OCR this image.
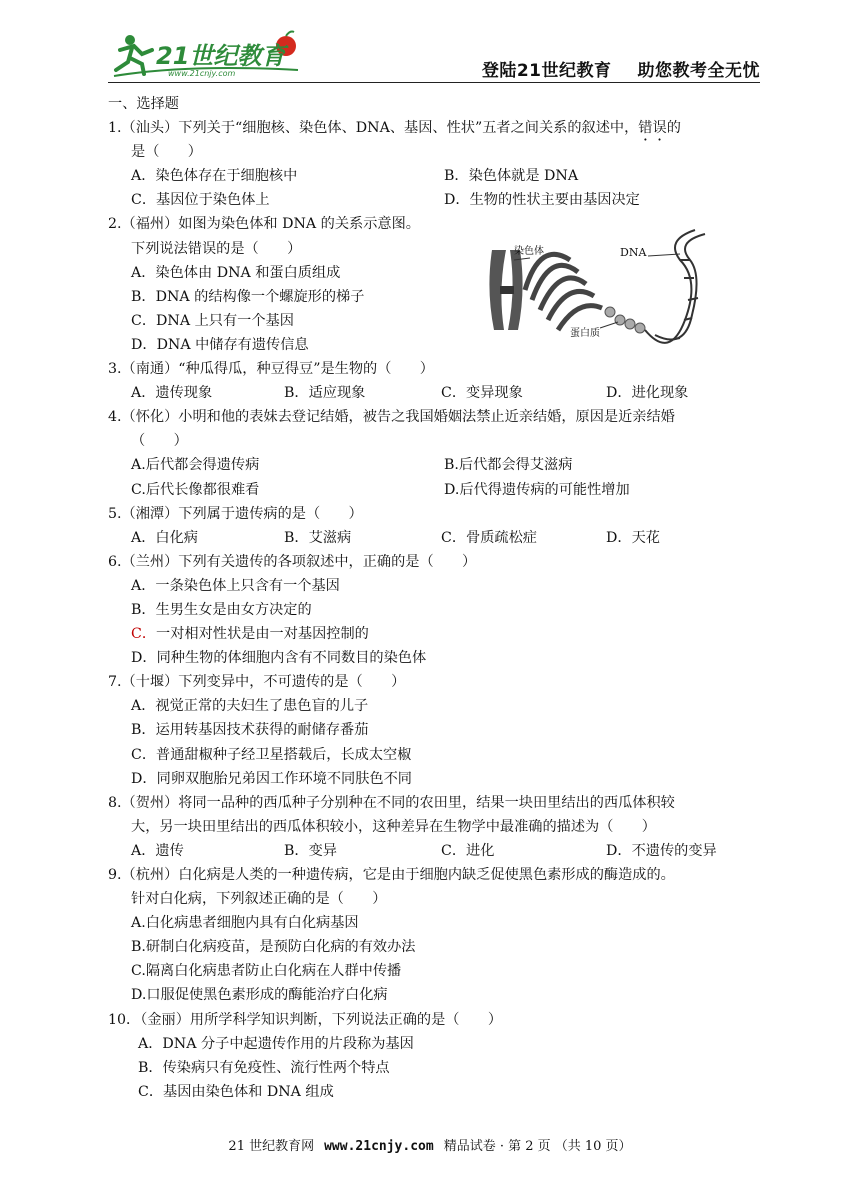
21世纪教育
www.21cnjy.com	登陆21世纪教育 助您教考全无忧
一、选择题
1.（汕头）下列关于“细胞核、染色体、DNA、基因、性状”五者之间关系的叙述中，错误的
是（　　）
A．染色体存在于细胞核中	B．染色体就是 DNA
C．基因位于染色体上	D．生物的性状主要由基因决定
2.（福州）如图为染色体和 DNA 的关系示意图。
下列说法错误的是（　　）
A．染色体由 DNA 和蛋白质组成
B．DNA 的结构像一个螺旋形的梯子
C．DNA 上只有一个基因
D．DNA 中储存有遗传信息
3.（南通）“种瓜得瓜，种豆得豆”是生物的（　　）
A．遗传现象	B．适应现象	C．变异现象	D．进化现象
4.（怀化）小明和他的表妹去登记结婚，被告之我国婚姻法禁止近亲结婚，原因是近亲结婚
（　　）
A.后代都会得遗传病	B.后代都会得艾滋病
C.后代长像都很难看	D.后代得遗传病的可能性增加
5.（湘潭）下列属于遗传病的是（　　）
A．白化病	B．艾滋病	C．骨质疏松症	D．天花
6.（兰州）下列有关遗传的各项叙述中，正确的是（　　）
A．一条染色体上只含有一个基因
B．生男生女是由女方决定的
C．一对相对性状是由一对基因控制的
D．同种生物的体细胞内含有不同数目的染色体
7.（十堰）下列变异中，不可遗传的是（　　）
A．视觉正常的夫妇生了患色盲的儿子
B．运用转基因技术获得的耐储存番茄
C．普通甜椒种子经卫星搭载后，长成太空椒
D．同卵双胞胎兄弟因工作环境不同肤色不同
8.（贺州）将同一品种的西瓜种子分别种在不同的农田里，结果一块田里结出的西瓜体积较
大，另一块田里结出的西瓜体积较小，这种差异在生物学中最准确的描述为（　　）
A．遗传	B．变异	C．进化	D．不遗传的变异
9.（杭州）白化病是人类的一种遗传病，它是由于细胞内缺乏促使黑色素形成的酶造成的。
针对白化病，下列叙述正确的是（　　）
A.白化病患者细胞内具有白化病基因
B.研制白化病疫苗，是预防白化病的有效办法
C.隔离白化病患者防止白化病在人群中传播
D.口服促使黑色素形成的酶能治疗白化病
10．（金丽）用所学科学知识判断，下列说法正确的是（　　）
A．DNA 分子中起遗传作用的片段称为基因
B．传染病只有免疫性、流行性两个特点
C．基因由染色体和 DNA 组成
染色体	DNA
蛋白质
21 世纪教育网 www.21cnjy.com 精品试卷 · 第 2 页 （共 10 页）
